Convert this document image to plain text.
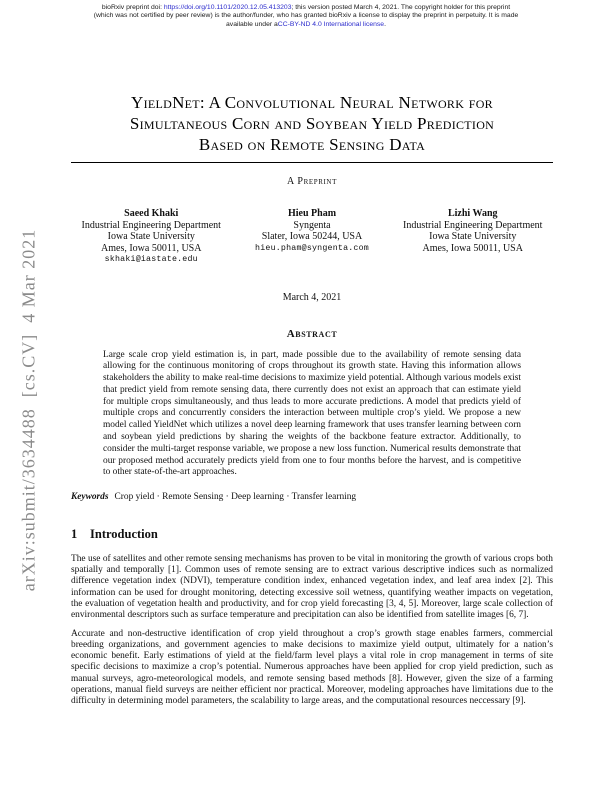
bioRxiv preprint doi: https://doi.org/10.1101/2020.12.05.413203; this version posted March 4, 2021. The copyright holder for this preprint
(which was not certified by peer review) is the author/funder, who has granted bioRxiv a license to display the preprint in perpetuity. It is made
available under aCC-BY-ND 4.0 International license.
arXiv:submit/3634488  [cs.CV]  4 Mar 2021
YieldNet: A Convolutional Neural Network for
Simultaneous Corn and Soybean Yield Prediction
Based on Remote Sensing Data
A Preprint
Saeed Khaki
Industrial Engineering Department
Iowa State University
Ames, Iowa 50011, USA
skhaki@iastate.edu
Hieu Pham
Syngenta
Slater, Iowa 50244, USA
hieu.pham@syngenta.com
Lizhi Wang
Industrial Engineering Department
Iowa State University
Ames, Iowa 50011, USA
March 4, 2021
Abstract
Large scale crop yield estimation is, in part, made possible due to the availability of remote sensing data allowing for the continuous monitoring of crops throughout its growth state. Having this information allows stakeholders the ability to make real-time decisions to maximize yield potential. Although various models exist that predict yield from remote sensing data, there currently does not exist an approach that can estimate yield for multiple crops simultaneously, and thus leads to more accurate predictions. A model that predicts yield of multiple crops and concurrently considers the interaction between multiple crop’s yield. We propose a new model called YieldNet which utilizes a novel deep learning framework that uses transfer learning between corn and soybean yield predictions by sharing the weights of the backbone feature extractor. Additionally, to consider the multi-target response variable, we propose a new loss function. Numerical results demonstrate that our proposed method accurately predicts yield from one to four months before the harvest, and is competitive to other state-of-the-art approaches.
Keywords Crop yield · Remote Sensing · Deep learning · Transfer learning
1 Introduction

The use of satellites and other remote sensing mechanisms has proven to be vital in monitoring the growth of various crops both spatially and temporally [1]. Common uses of remote sensing are to extract various descriptive indices such as normalized difference vegetation index (NDVI), temperature condition index, enhanced vegetation index, and leaf area index [2]. This information can be used for drought monitoring, detecting excessive soil wetness, quantifying weather impacts on vegetation, the evaluation of vegetation health and productivity, and for crop yield forecasting [3, 4, 5]. Moreover, large scale collection of environmental descriptors such as surface temperature and precipitation can also be identified from satellite images [6, 7].

Accurate and non-destructive identification of crop yield throughout a crop’s growth stage enables farmers, commercial breeding organizations, and government agencies to make decisions to maximize yield output, ultimately for a nation’s economic benefit. Early estimations of yield at the field/farm level plays a vital role in crop management in terms of site specific decisions to maximize a crop’s potential. Numerous approaches have been applied for crop yield prediction, such as manual surveys, agro-meteorological models, and remote sensing based methods [8]. However, given the size of a farming operations, manual field surveys are neither efficient nor practical. Moreover, modeling approaches have limitations due to the difficulty in determining model parameters, the scalability to large areas, and the computational resources neccessary [9].
